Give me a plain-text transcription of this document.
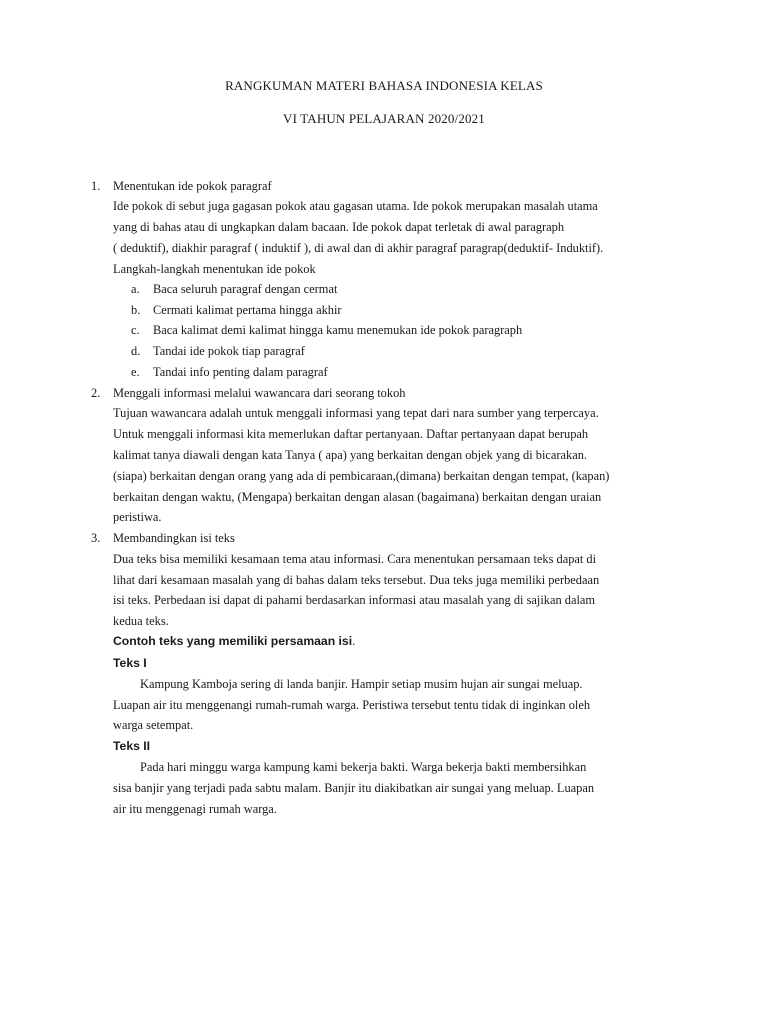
RANGKUMAN MATERI BAHASA INDONESIA KELAS
VI TAHUN PELAJARAN 2020/2021
1. Menentukan ide pokok paragraf
Ide pokok di sebut juga gagasan pokok atau gagasan utama. Ide pokok merupakan masalah utama
yang di bahas atau di ungkapkan dalam bacaan. Ide pokok dapat terletak di awal paragraph
( deduktif), diakhir paragraf ( induktif ), di awal dan di akhir paragraf paragrap(deduktif- Induktif).
Langkah-langkah menentukan ide pokok
a. Baca seluruh paragraf dengan cermat
b. Cermati kalimat pertama hingga akhir
c. Baca kalimat demi kalimat hingga kamu menemukan ide pokok paragraph
d. Tandai ide pokok tiap paragraf
e. Tandai info penting dalam paragraf
2. Menggali informasi melalui wawancara dari seorang tokoh
Tujuan wawancara adalah untuk menggali informasi yang tepat dari nara sumber yang terpercaya.
Untuk menggali informasi kita memerlukan daftar pertanyaan. Daftar pertanyaan dapat berupah
kalimat tanya diawali dengan kata Tanya ( apa) yang berkaitan dengan objek yang di bicarakan.
(siapa) berkaitan dengan orang yang ada di pembicaraan,(dimana) berkaitan dengan tempat, (kapan)
berkaitan dengan waktu, (Mengapa) berkaitan dengan alasan (bagaimana) berkaitan dengan uraian
peristiwa.
3. Membandingkan isi teks
Dua teks bisa memiliki kesamaan tema atau informasi. Cara menentukan persamaan teks dapat di
lihat dari kesamaan masalah yang di bahas dalam teks tersebut. Dua teks juga memiliki perbedaan
isi teks. Perbedaan isi dapat di pahami berdasarkan informasi atau masalah yang di sajikan dalam
kedua teks.
Contoh teks yang memiliki persamaan isi.
Teks I
Kampung Kamboja sering di landa banjir. Hampir setiap musim hujan air sungai meluap.
Luapan air itu menggenangi rumah-rumah warga. Peristiwa tersebut tentu tidak di inginkan oleh
warga setempat.
Teks II
Pada hari minggu warga kampung kami bekerja bakti. Warga bekerja bakti membersihkan
sisa banjir yang terjadi pada sabtu malam. Banjir itu diakibatkan air sungai yang meluap. Luapan
air itu menggenagi rumah warga.
